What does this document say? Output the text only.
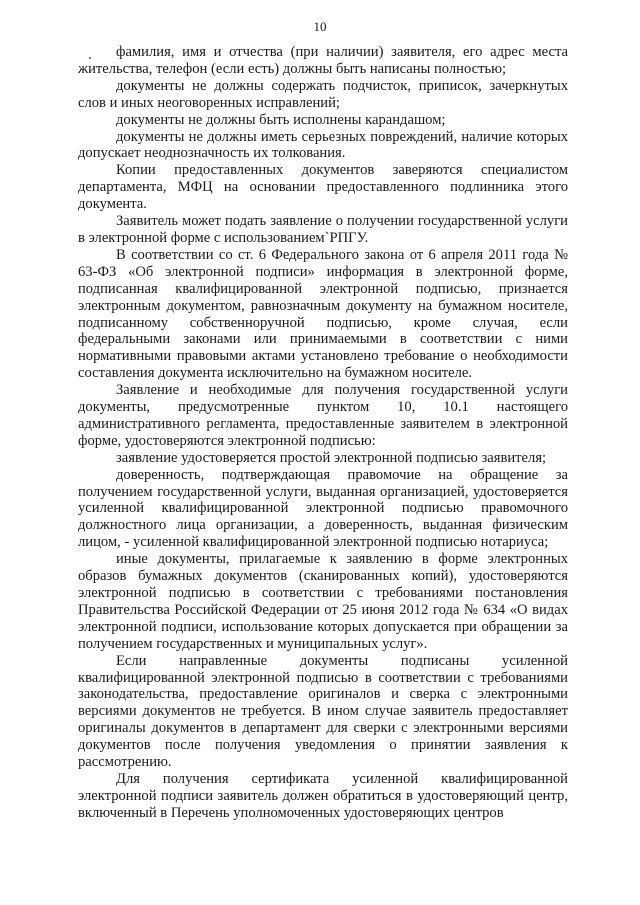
10

фамилия, имя и отчества (при наличии) заявителя, его адрес места жительства, телефон (если есть) должны быть написаны полностью;

документы не должны содержать подчисток, приписок, зачеркнутых слов и иных неоговоренных исправлений;

документы не должны быть исполнены карандашом;

документы не должны иметь серьезных повреждений, наличие которых допускает неоднозначность их толкования.

Копии предоставленных документов заверяются специалистом департамента, МФЦ на основании предоставленного подлинника этого документа.

Заявитель может подать заявление о получении государственной услуги в электронной форме с использованием`РПГУ.

В соответствии со ст. 6 Федерального закона от 6 апреля 2011 года № 63-ФЗ «Об электронной подписи» информация в электронной форме, подписанная квалифицированной электронной подписью, признается электронным документом, равнозначным документу на бумажном носителе, подписанному собственноручной подписью, кроме случая, если федеральными законами или принимаемыми в соответствии с ними нормативными правовыми актами установлено требование о необходимости составления документа исключительно на бумажном носителе.

Заявление и необходимые для получения государственной услуги документы, предусмотренные пунктом 10, 10.1 настоящего административного регламента, предоставленные заявителем в электронной форме, удостоверяются электронной подписью:

заявление удостоверяется простой электронной подписью заявителя;

доверенность, подтверждающая правомочие на обращение за получением государственной услуги, выданная организацией, удостоверяется усиленной квалифицированной электронной подписью правомочного должностного лица организации, а доверенность, выданная физическим лицом, - усиленной квалифицированной электронной подписью нотариуса;

иные документы, прилагаемые к заявлению в форме электронных образов бумажных документов (сканированных копий), удостоверяются электронной подписью в соответствии с требованиями постановления Правительства Российской Федерации от 25 июня 2012 года № 634 «О видах электронной подписи, использование которых допускается при обращении за получением государственных и муниципальных услуг».

Если направленные документы подписаны усиленной квалифицированной электронной подписью в соответствии с требованиями законодательства, предоставление оригиналов и сверка с электронными версиями документов не требуется. В ином случае заявитель предоставляет оригиналы документов в департамент для сверки с электронными версиями документов после получения уведомления о принятии заявления к рассмотрению.

Для получения сертификата усиленной квалифицированной электронной подписи заявитель должен обратиться в удостоверяющий центр, включенный в Перечень уполномоченных удостоверяющих центров
